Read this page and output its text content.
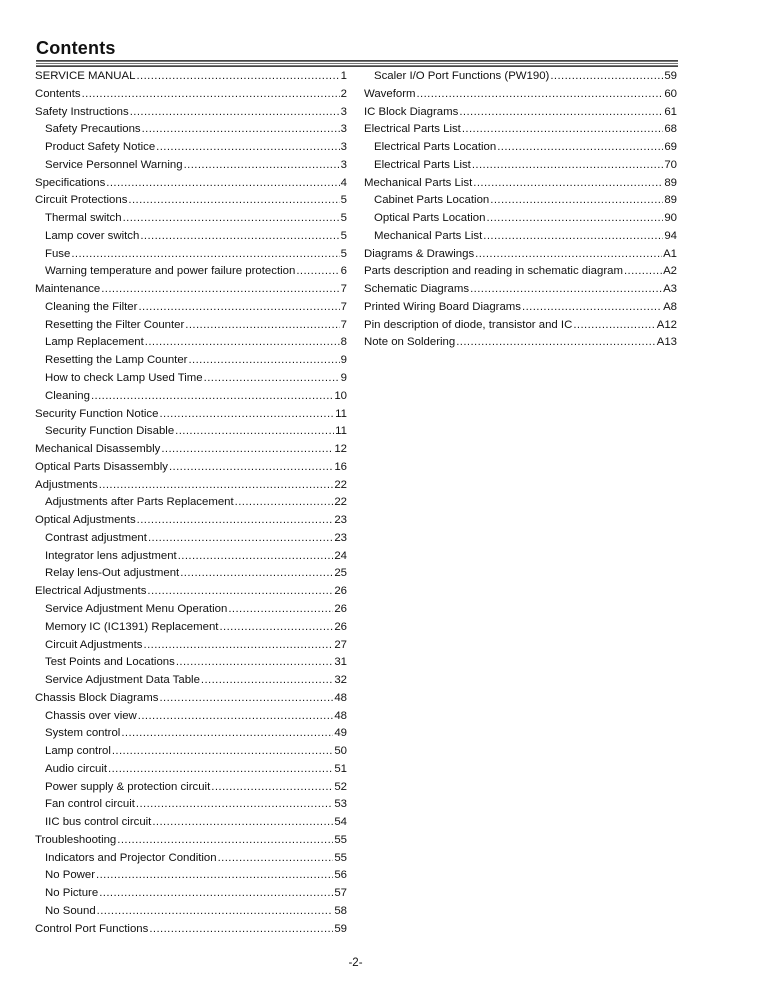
Contents
SERVICE MANUAL .....	1
Contents .....	2
Safety Instructions .....	3
Safety Precautions .....	3
Product Safety Notice .....	3
Service Personnel Warning .....	3
Specifications .....	4
Circuit Protections .....	5
Thermal switch .....	5
Lamp cover switch .....	5
Fuse .....	5
Warning temperature and power failure protection .....	6
Maintenance .....	7
Cleaning the Filter .....	7
Resetting the Filter Counter .....	7
Lamp Replacement .....	8
Resetting the Lamp Counter .....	9
How to check Lamp Used Time .....	9
Cleaning .....	10
Security Function Notice .....	11
Security Function Disable .....	11
Mechanical Disassembly .....	12
Optical Parts Disassembly .....	16
Adjustments .....	22
Adjustments after Parts Replacement .....	22
Optical Adjustments .....	23
Contrast adjustment .....	23
Integrator lens adjustment .....	24
Relay lens-Out adjustment .....	25
Electrical Adjustments .....	26
Service Adjustment Menu Operation .....	26
Memory IC (IC1391) Replacement .....	26
Circuit Adjustments .....	27
Test Points and Locations .....	31
Service Adjustment Data Table .....	32
Chassis Block Diagrams .....	48
Chassis over view .....	48
System control .....	49
Lamp control .....	50
Audio circuit .....	51
Power supply & protection circuit .....	52
Fan control circuit .....	53
IIC bus control circuit .....	54
Troubleshooting .....	55
Indicators and Projector Condition .....	55
No Power .....	56
No Picture .....	57
No Sound .....	58
Control Port Functions .....	59
Scaler I/O Port Functions (PW190) .....	59
Waveform .....	60
IC Block Diagrams .....	61
Electrical Parts List .....	68
Electrical Parts Location .....	69
Electrical Parts List .....	70
Mechanical Parts List .....	89
Cabinet Parts Location .....	89
Optical Parts Location .....	90
Mechanical Parts List .....	94
Diagrams & Drawings .....	A1
Parts description and reading in schematic diagram .....	A2
Schematic Diagrams .....	A3
Printed Wiring Board Diagrams .....	A8
Pin description of diode, transistor and IC .....	A12
Note on Soldering .....	A13
-2-
